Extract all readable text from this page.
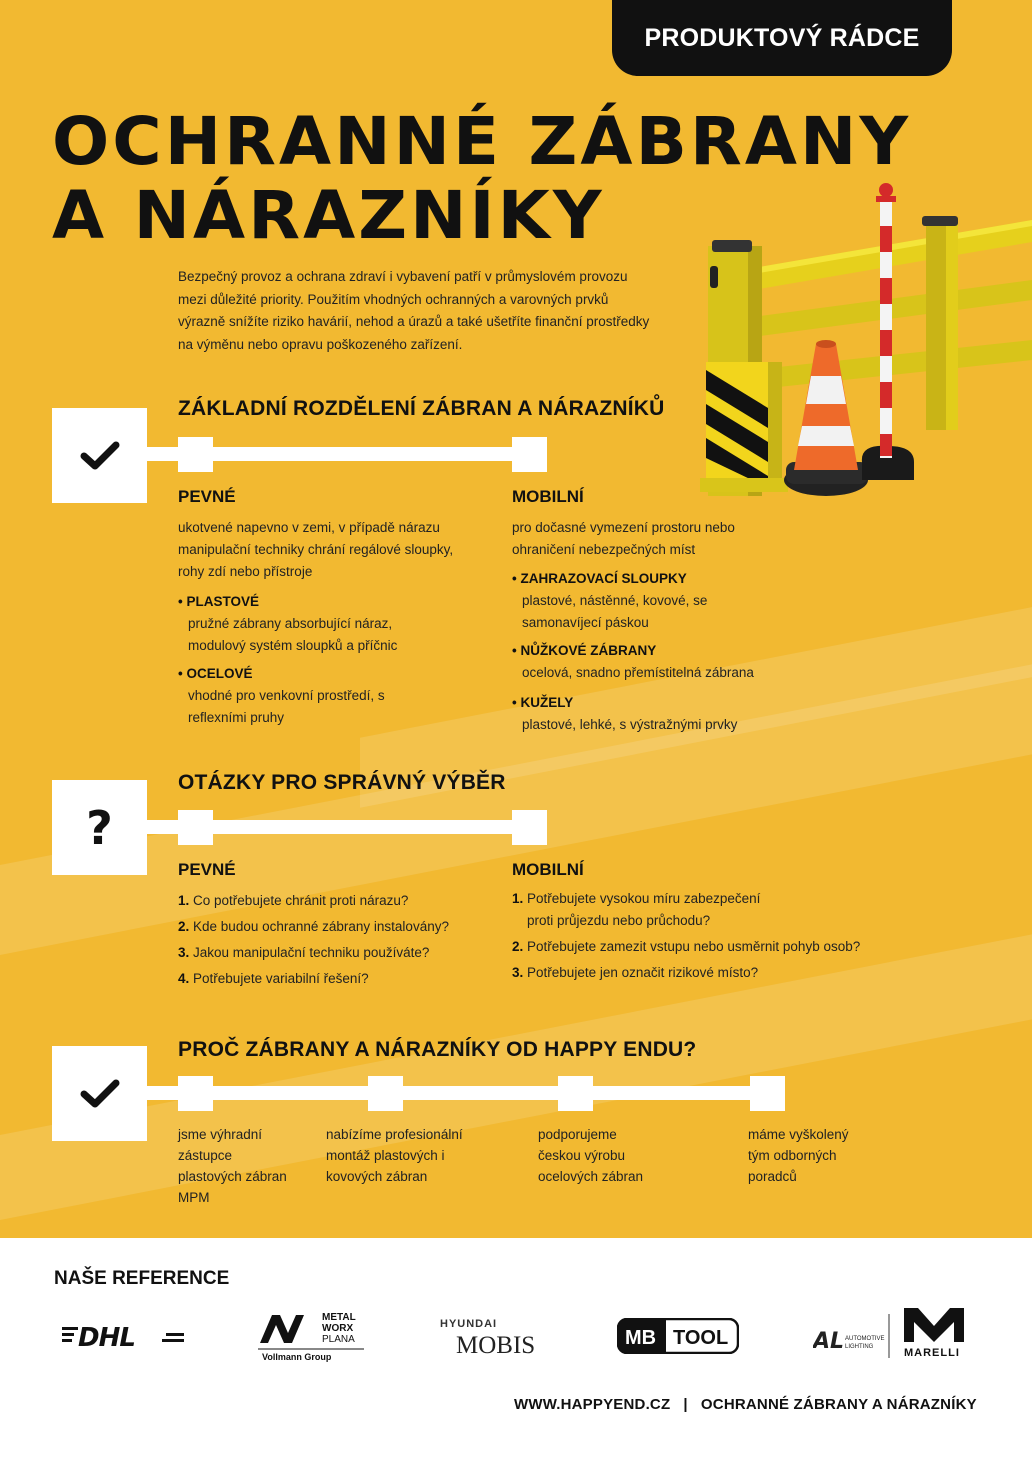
PRODUKTOVÝ RÁDCE
OCHRANNÉ ZÁBRANY
A NÁRAZNÍKY
Bezpečný provoz a ochrana zdraví i vybavení patří v průmyslovém provozu mezi důležité priority. Použitím vhodných ochranných a varovných prvků výrazně snížíte riziko havárií, nehod a úrazů a také ušetříte finanční prostředky na výměnu nebo opravu poškozeného zařízení.
ZÁKLADNÍ ROZDĚLENÍ ZÁBRAN A NÁRAZNÍKŮ
PEVNÉ
ukotvené napevno v zemi, v případě nárazu manipulační techniky chrání regálové sloupky, rohy zdí nebo přístroje
• PLASTOVÉ
pružné zábrany absorbující náraz, modulový systém sloupků a příčnic
• OCELOVÉ
vhodné pro venkovní prostředí, s reflexními pruhy
MOBILNÍ
pro dočasné vymezení prostoru nebo ohraničení nebezpečných míst
• ZAHRAZOVACÍ SLOUPKY
plastové, nástěnné, kovové, se samonavíjecí páskou
• NŮŽKOVÉ ZÁBRANY
ocelová, snadno přemístitelná zábrana
• KUŽELY
plastové, lehké, s výstražnými prvky
?
OTÁZKY PRO SPRÁVNÝ VÝBĚR
PEVNÉ
1. Co potřebujete chránit proti nárazu?
2. Kde budou ochranné zábrany instalovány?
3. Jakou manipulační techniku používáte?
4. Potřebujete variabilní řešení?
MOBILNÍ
1. Potřebujete vysokou míru zabezpečení
proti průjezdu nebo průchodu?
2. Potřebujete zamezit vstupu nebo usměrnit pohyb osob?
3. Potřebujete jen označit rizikové místo?
PROČ ZÁBRANY A NÁRAZNÍKY OD HAPPY ENDU?
jsme výhradní zástupce plastových zábran MPM
nabízíme profesionální montáž plastových i kovových zábran
podporujeme českou výrobu ocelových zábran
máme vyškolený tým odborných poradců
NAŠE REFERENCE
DHL
METAL
WORX
PLANA
Vollmann Group
HYUNDAI
MOBIS	MB TOOL	AL AUTOMOTIVE
LIGHTING	MARELLI
WWW.HAPPYEND.CZ   |   OCHRANNÉ ZÁBRANY A NÁRAZNÍKY
